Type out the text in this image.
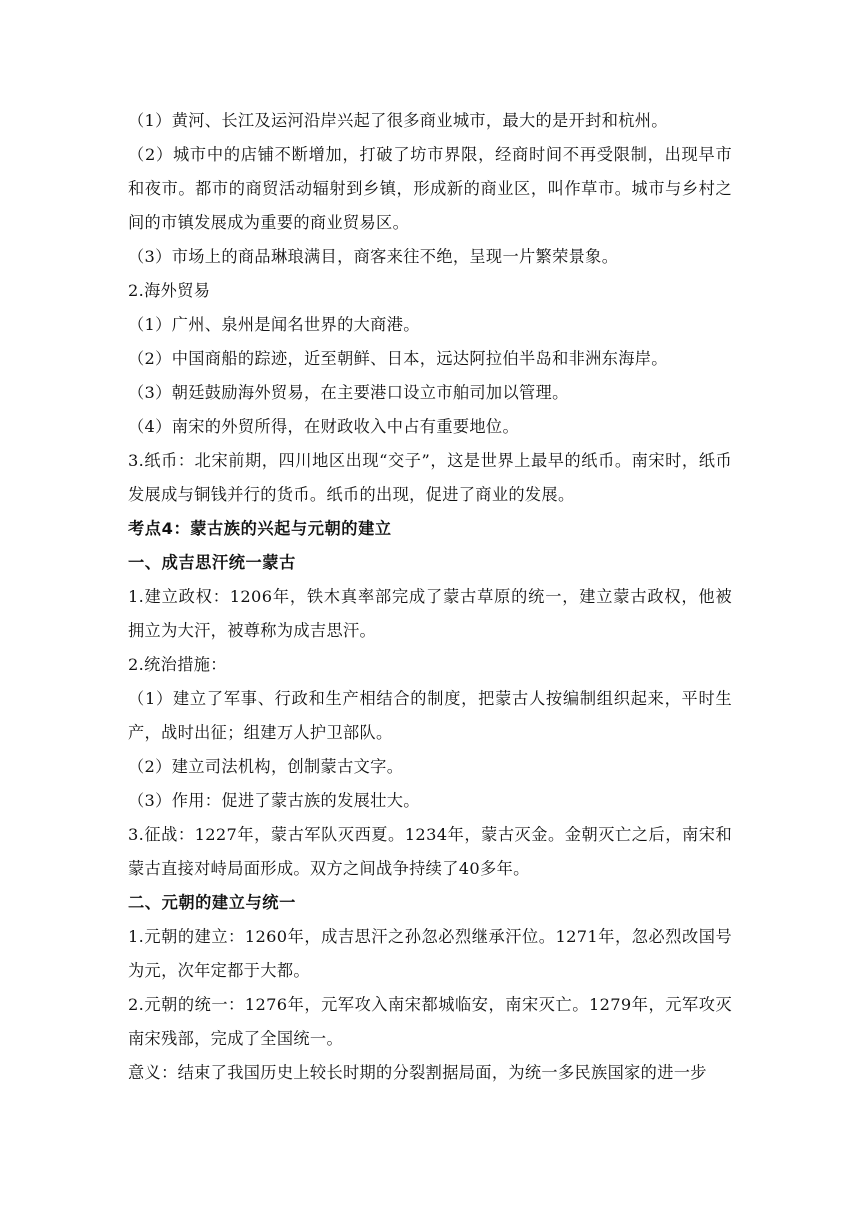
（1）黄河、长江及运河沿岸兴起了很多商业城市，最大的是开封和杭州。

（2）城市中的店铺不断增加，打破了坊市界限，经商时间不再受限制，出现早市和夜市。都市的商贸活动辐射到乡镇，形成新的商业区，叫作草市。城市与乡村之间的市镇发展成为重要的商业贸易区。

（3）市场上的商品琳琅满目，商客来往不绝，呈现一片繁荣景象。

2.海外贸易

（1）广州、泉州是闻名世界的大商港。

（2）中国商船的踪迹，近至朝鲜、日本，远达阿拉伯半岛和非洲东海岸。

（3）朝廷鼓励海外贸易，在主要港口设立市舶司加以管理。

（4）南宋的外贸所得，在财政收入中占有重要地位。

3.纸币：北宋前期，四川地区出现“交子”，这是世界上最早的纸币。南宋时，纸币发展成与铜钱并行的货币。纸币的出现，促进了商业的发展。

考点4：蒙古族的兴起与元朝的建立

一、成吉思汗统一蒙古

1.建立政权：1206年，铁木真率部完成了蒙古草原的统一，建立蒙古政权，他被拥立为大汗，被尊称为成吉思汗。

2.统治措施：

（1）建立了军事、行政和生产相结合的制度，把蒙古人按编制组织起来，平时生产，战时出征；组建万人护卫部队。

（2）建立司法机构，创制蒙古文字。

（3）作用：促进了蒙古族的发展壮大。

3.征战：1227年，蒙古军队灭西夏。1234年，蒙古灭金。金朝灭亡之后，南宋和蒙古直接对峙局面形成。双方之间战争持续了40多年。

二、元朝的建立与统一

1.元朝的建立：1260年，成吉思汗之孙忽必烈继承汗位。1271年，忽必烈改国号为元，次年定都于大都。

2.元朝的统一：1276年，元军攻入南宋都城临安，南宋灭亡。1279年，元军攻灭南宋残部，完成了全国统一。

意义：结束了我国历史上较长时期的分裂割据局面，为统一多民族国家的进一步
